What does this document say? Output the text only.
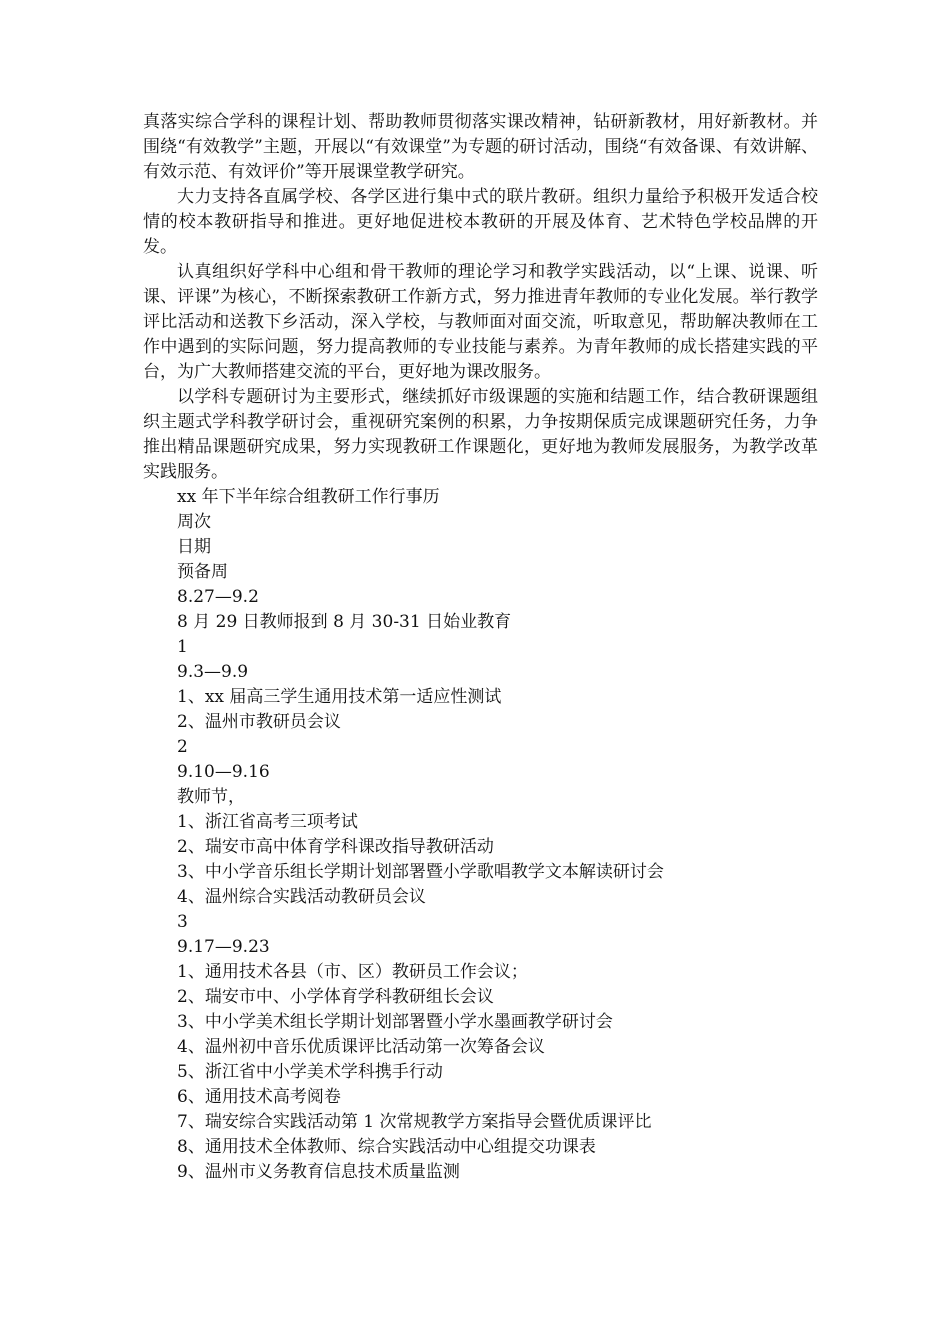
真落实综合学科的课程计划、帮助教师贯彻落实课改精神，钻研新教材，用好新教材。并围绕“有效教学”主题，开展以“有效课堂”为专题的研讨活动，围绕“有效备课、有效讲解、有效示范、有效评价”等开展课堂教学研究。

大力支持各直属学校、各学区进行集中式的联片教研。组织力量给予积极开发适合校情的校本教研指导和推进。更好地促进校本教研的开展及体育、艺术特色学校品牌的开发。

认真组织好学科中心组和骨干教师的理论学习和教学实践活动，以“上课、说课、听课、评课”为核心，不断探索教研工作新方式，努力推进青年教师的专业化发展。举行教学评比活动和送教下乡活动，深入学校，与教师面对面交流，听取意见，帮助解决教师在工作中遇到的实际问题，努力提高教师的专业技能与素养。为青年教师的成长搭建实践的平台，为广大教师搭建交流的平台，更好地为课改服务。

以学科专题研讨为主要形式，继续抓好市级课题的实施和结题工作，结合教研课题组织主题式学科教学研讨会，重视研究案例的积累，力争按期保质完成课题研究任务，力争推出精品课题研究成果，努力实现教研工作课题化，更好地为教师发展服务，为教学改革实践服务。

xx 年下半年综合组教研工作行事历

周次

日期

预备周

8.27—9.2

8 月 29 日教师报到 8 月 30-31 日始业教育

1

9.3—9.9

1、xx 届高三学生通用技术第一适应性测试

2、温州市教研员会议

2

9.10—9.16

教师节，

1、浙江省高考三项考试

2、瑞安市高中体育学科课改指导教研活动

3、中小学音乐组长学期计划部署暨小学歌唱教学文本解读研讨会

4、温州综合实践活动教研员会议

3

9.17—9.23

1、通用技术各县（市、区）教研员工作会议；

2、瑞安市中、小学体育学科教研组长会议

3、中小学美术组长学期计划部署暨小学水墨画教学研讨会

4、温州初中音乐优质课评比活动第一次筹备会议

5、浙江省中小学美术学科携手行动

6、通用技术高考阅卷

7、瑞安综合实践活动第 1 次常规教学方案指导会暨优质课评比

8、通用技术全体教师、综合实践活动中心组提交功课表

9、温州市义务教育信息技术质量监测
